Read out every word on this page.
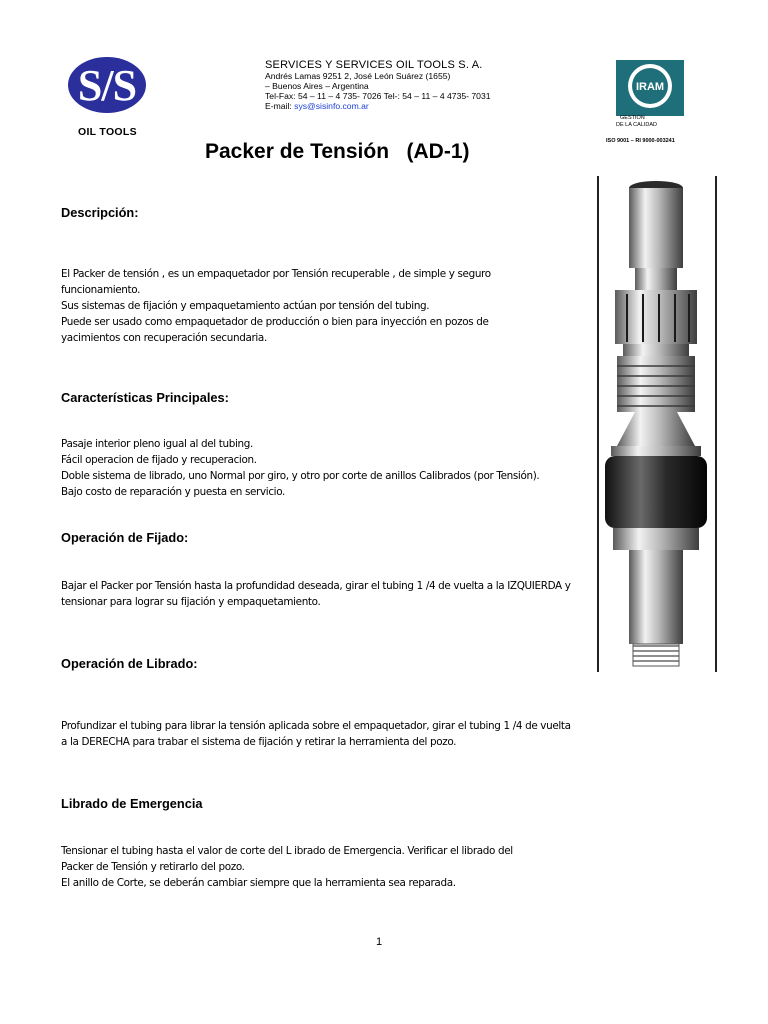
S/S
OIL TOOLS
SERVICES Y SERVICES OIL TOOLS S. A.
Andrés Lamas 9251 2, José León Suárez (1655)
– Buenos Aires – Argentina
Tel-Fax: 54 – 11 – 4 735- 7026 Tel-: 54 – 11 – 4 4735- 7031
E-mail: sys@sisinfo.com.ar
IRAM
GESTION
DE LA CALIDAD
ISO 9001 – RI 9000-003241
Packer de Tensión   (AD-1)
Descripción:

El Packer de tensión , es un empaquetador por Tensión recuperable , de simple y seguro
funcionamiento.
Sus sistemas de fijación y empaquetamiento actúan por tensión del tubing.
Puede ser usado como empaquetador de producción o bien para inyección en pozos de
yacimientos con recuperación secundaria.

Características Principales:

Pasaje interior pleno igual al del tubing.
Fácil operacion de fijado y recuperacion.
Doble sistema de librado, uno Normal por giro, y otro por corte de anillos Calibrados (por Tensión).
Bajo costo de reparación y puesta en servicio.

Operación de Fijado:

Bajar el Packer por Tensión hasta la profundidad deseada, girar el tubing 1 /4 de vuelta a la IZQUIERDA y
tensionar para lograr su fijación y empaquetamiento.

Operación de Librado:

Profundizar el tubing para librar la tensión aplicada sobre el empaquetador, girar el tubing 1 /4 de vuelta
a la DERECHA para trabar el sistema de fijación y retirar la herramienta del pozo.

Librado de Emergencia

Tensionar el tubing hasta el valor de corte del L ibrado de Emergencia. Verificar el librado del
Packer de Tensión y retirarlo del pozo.
El anillo de Corte, se deberán cambiar siempre que la herramienta sea reparada.

1
